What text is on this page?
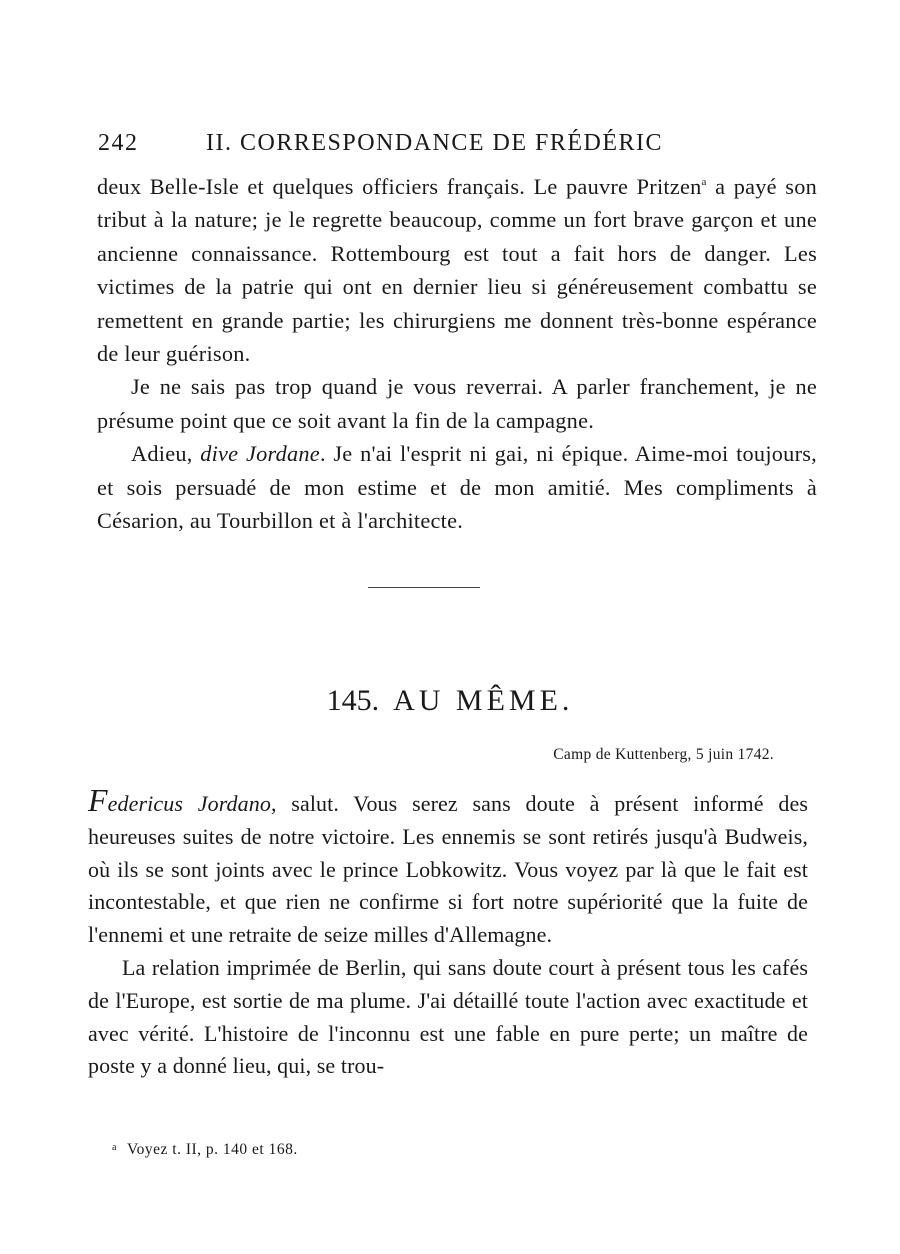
242	II. CORRESPONDANCE DE FRÉDÉRIC

deux Belle-Isle et quelques officiers français. Le pauvre Pritzen$^a$ a payé son tribut à la nature; je le regrette beaucoup, comme un fort brave garçon et une ancienne connaissance. Rottembourg est tout a fait hors de danger. Les victimes de la patrie qui ont en dernier lieu si généreusement combattu se remettent en grande partie; les chirurgiens me donnent très-bonne espérance de leur guérison.

Je ne sais pas trop quand je vous reverrai. A parler franchement, je ne présume point que ce soit avant la fin de la campagne.

Adieu, dive Jordane. Je n'ai l'esprit ni gai, ni épique. Aime-moi toujours, et sois persuadé de mon estime et de mon amitié. Mes compliments à Césarion, au Tourbillon et à l'architecte.

145. AU MÊME.
Camp de Kuttenberg, 5 juin 1742.

Federicus Jordano, salut. Vous serez sans doute à présent informé des heureuses suites de notre victoire. Les ennemis se sont retirés jusqu'à Budweis, où ils se sont joints avec le prince Lobkowitz. Vous voyez par là que le fait est incontestable, et que rien ne confirme si fort notre supériorité que la fuite de l'ennemi et une retraite de seize milles d'Allemagne.

La relation imprimée de Berlin, qui sans doute court à présent tous les cafés de l'Europe, est sortie de ma plume. J'ai détaillé toute l'action avec exactitude et avec vérité. L'histoire de l'inconnu est une fable en pure perte; un maître de poste y a donné lieu, qui, se trou-

$^a$ Voyez t. II, p. 140 et 168.
